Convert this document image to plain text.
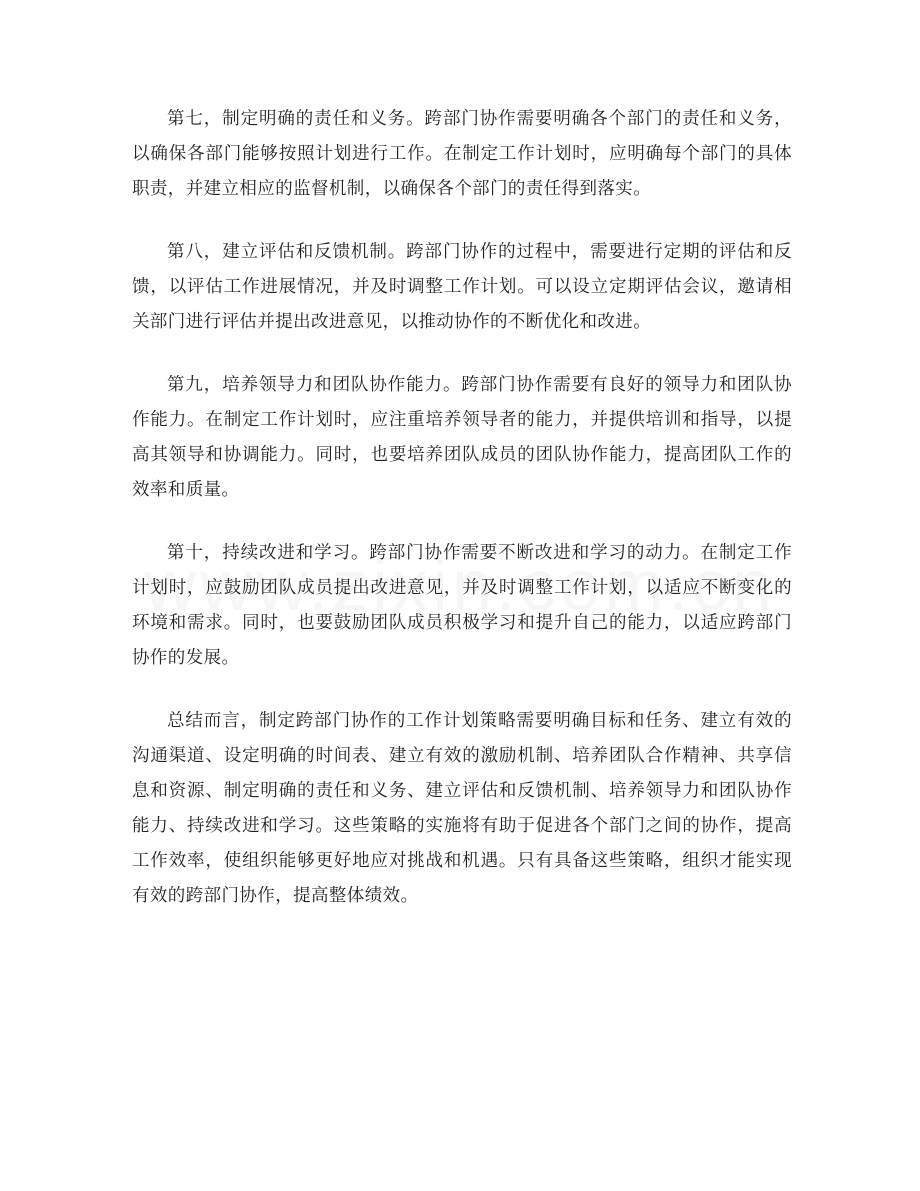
第七，制定明确的责任和义务。跨部门协作需要明确各个部门的责任和义务，以确保各部门能够按照计划进行工作。在制定工作计划时，应明确每个部门的具体职责，并建立相应的监督机制，以确保各个部门的责任得到落实。

第八，建立评估和反馈机制。跨部门协作的过程中，需要进行定期的评估和反馈，以评估工作进展情况，并及时调整工作计划。可以设立定期评估会议，邀请相关部门进行评估并提出改进意见，以推动协作的不断优化和改进。

第九，培养领导力和团队协作能力。跨部门协作需要有良好的领导力和团队协作能力。在制定工作计划时，应注重培养领导者的能力，并提供培训和指导，以提高其领导和协调能力。同时，也要培养团队成员的团队协作能力，提高团队工作的效率和质量。

第十，持续改进和学习。跨部门协作需要不断改进和学习的动力。在制定工作计划时，应鼓励团队成员提出改进意见，并及时调整工作计划，以适应不断变化的环境和需求。同时，也要鼓励团队成员积极学习和提升自己的能力，以适应跨部门协作的发展。

总结而言，制定跨部门协作的工作计划策略需要明确目标和任务、建立有效的沟通渠道、设定明确的时间表、建立有效的激励机制、培养团队合作精神、共享信息和资源、制定明确的责任和义务、建立评估和反馈机制、培养领导力和团队协作能力、持续改进和学习。这些策略的实施将有助于促进各个部门之间的协作，提高工作效率，使组织能够更好地应对挑战和机遇。只有具备这些策略，组织才能实现有效的跨部门协作，提高整体绩效。
